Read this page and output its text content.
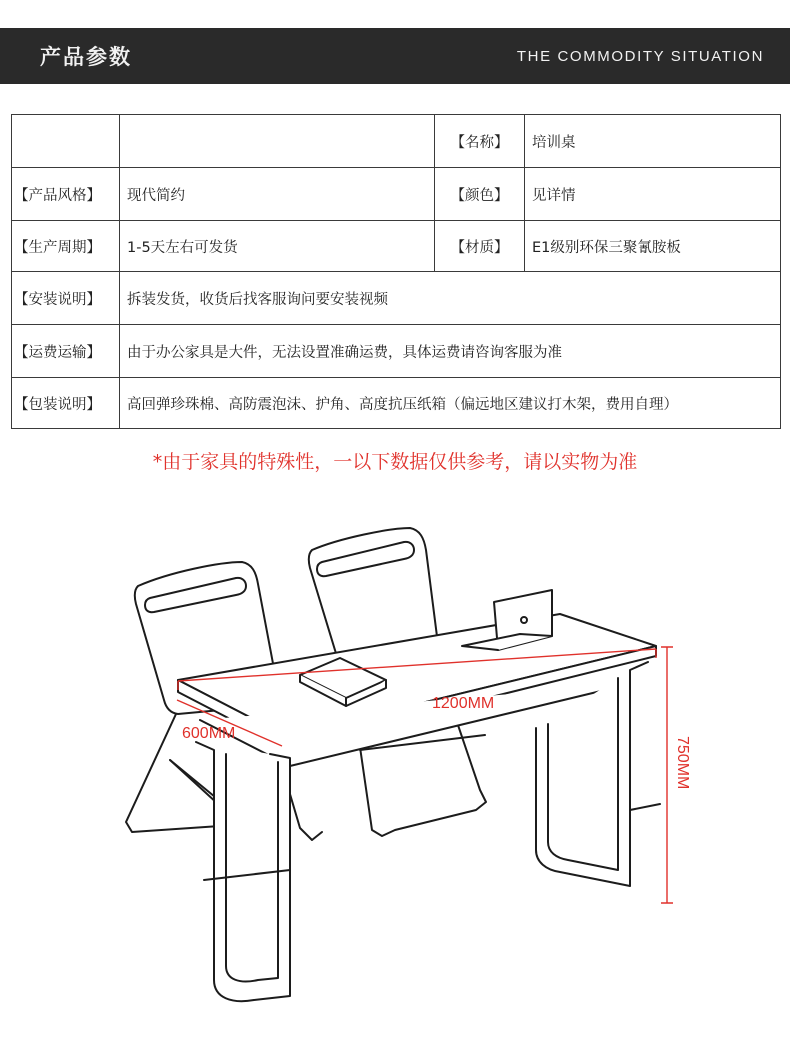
产品参数	THE COMMODITY SITUATION
		【名称】	培训桌
【产品风格】	现代简约	【颜色】	见详情
【生产周期】	1-5天左右可发货	【材质】	E1级别环保三聚氰胺板
【安装说明】	拆装发货，收货后找客服询问要安装视频		
【运费运输】	由于办公家具是大件，无法设置准确运费，具体运费请咨询客服为准		
【包装说明】	高回弹珍珠棉、高防震泡沫、护角、高度抗压纸箱（偏远地区建议打木架，费用自理）		
*由于家具的特殊性，一以下数据仅供参考，请以实物为准
1200MM
600MM
750MM
